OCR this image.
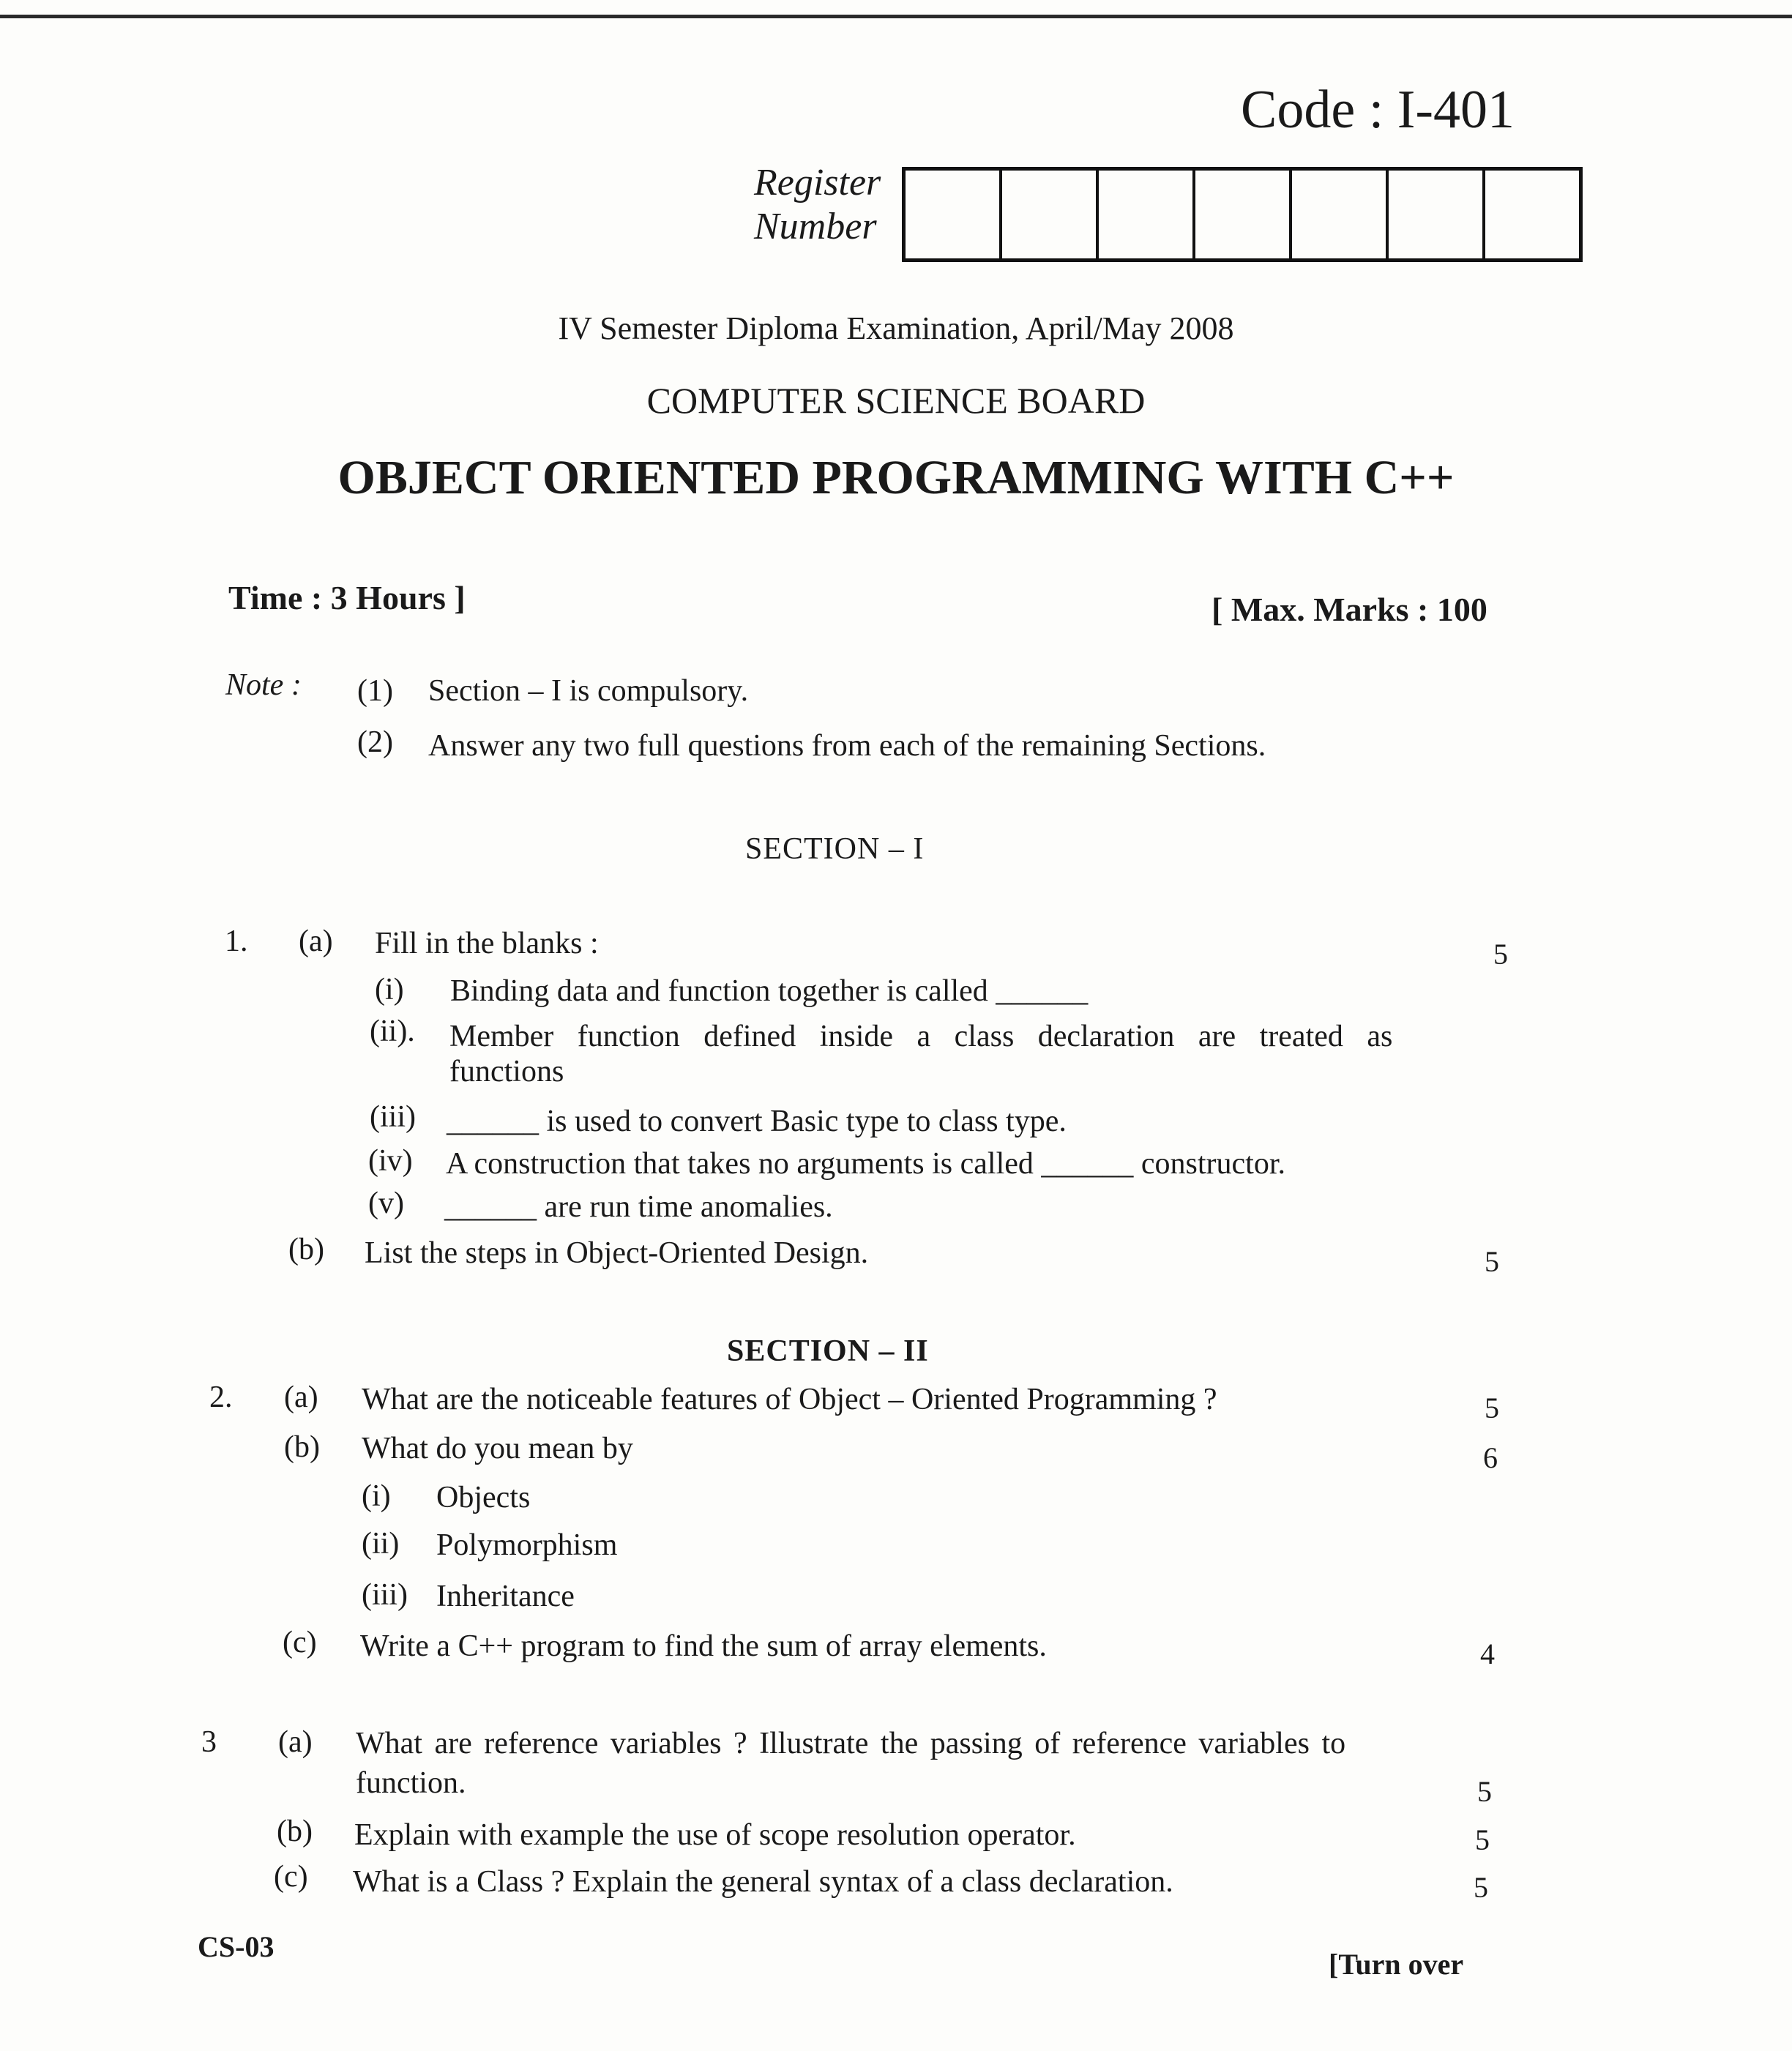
Code : I-401
Register
Number
IV Semester Diploma Examination, April/May 2008
COMPUTER SCIENCE BOARD
OBJECT ORIENTED PROGRAMMING WITH C++
Time : 3 Hours ]	[ Max. Marks : 100
Note : (1) Section – I is compulsory.
(2) Answer any two full questions from each of the remaining Sections.
SECTION – I
1. (a) Fill in the blanks :	5
(i) Binding data and function together is called ______
(ii). Member function defined inside a class declaration are treated as
functions
(iii) ______ is used to convert Basic type to class type.
(iv) A construction that takes no arguments is called ______ constructor.
(v) ______ are run time anomalies.
(b) List the steps in Object-Oriented Design.	5
SECTION – II
2. (a) What are the noticeable features of Object – Oriented Programming ?	5
(b) What do you mean by	6
(i) Objects
(ii) Polymorphism
(iii) Inheritance
(c) Write a C++ program to find the sum of array elements.	4
3 (a) What are reference variables ? Illustrate the passing of reference variables to
function.	5
(b) Explain with example the use of scope resolution operator.	5
(c) What is a Class ? Explain the general syntax of a class declaration.	5
CS-03
[Turn over
